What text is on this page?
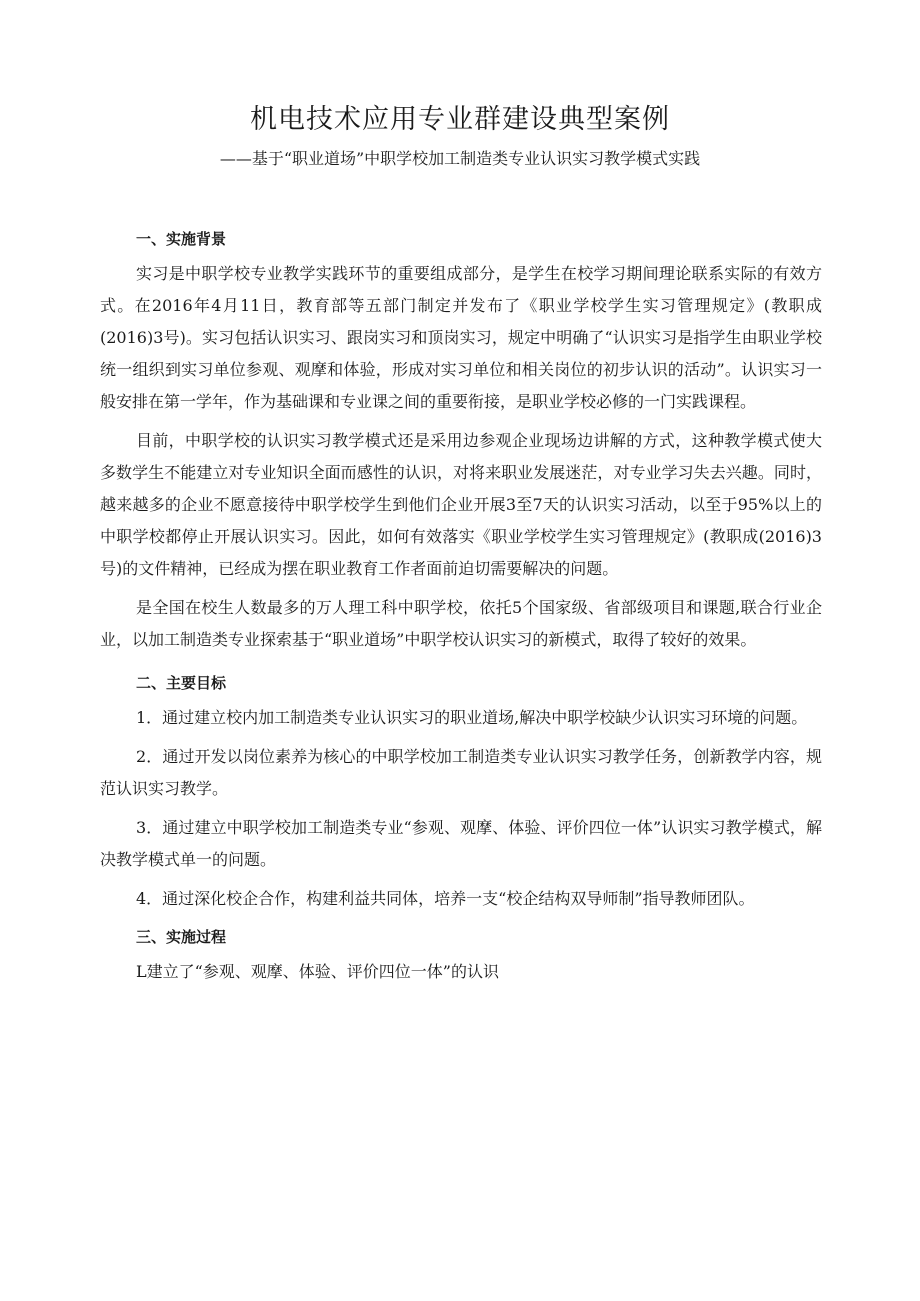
机电技术应用专业群建设典型案例
——基于“职业道场”中职学校加工制造类专业认识实习教学模式实践
一、实施背景

实习是中职学校专业教学实践环节的重要组成部分，是学生在校学习期间理论联系实际的有效方式。在2016年4月11日，教育部等五部门制定并发布了《职业学校学生实习管理规定》(教职成(2016)3号)。实习包括认识实习、跟岗实习和顶岗实习，规定中明确了“认识实习是指学生由职业学校统一组织到实习单位参观、观摩和体验，形成对实习单位和相关岗位的初步认识的活动”。认识实习一般安排在第一学年，作为基础课和专业课之间的重要衔接，是职业学校必修的一门实践课程。

目前，中职学校的认识实习教学模式还是采用边参观企业现场边讲解的方式，这种教学模式使大多数学生不能建立对专业知识全面而感性的认识，对将来职业发展迷茫，对专业学习失去兴趣。同时，越来越多的企业不愿意接待中职学校学生到他们企业开展3至7天的认识实习活动，以至于95%以上的中职学校都停止开展认识实习。因此，如何有效落实《职业学校学生实习管理规定》(教职成(2016)3号)的文件精神，已经成为摆在职业教育工作者面前迫切需要解决的问题。

是全国在校生人数最多的万人理工科中职学校，依托5个国家级、省部级项目和课题,联合行业企业，以加工制造类专业探索基于“职业道场”中职学校认识实习的新模式，取得了较好的效果。

二、主要目标

1．通过建立校内加工制造类专业认识实习的职业道场,解决中职学校缺少认识实习环境的问题。

2．通过开发以岗位素养为核心的中职学校加工制造类专业认识实习教学任务，创新教学内容，规范认识实习教学。

3．通过建立中职学校加工制造类专业“参观、观摩、体验、评价四位一体”认识实习教学模式，解决教学模式单一的问题。

4．通过深化校企合作，构建利益共同体，培养一支“校企结构双导师制”指导教师团队。

三、实施过程

L建立了“参观、观摩、体验、评价四位一体”的认识
